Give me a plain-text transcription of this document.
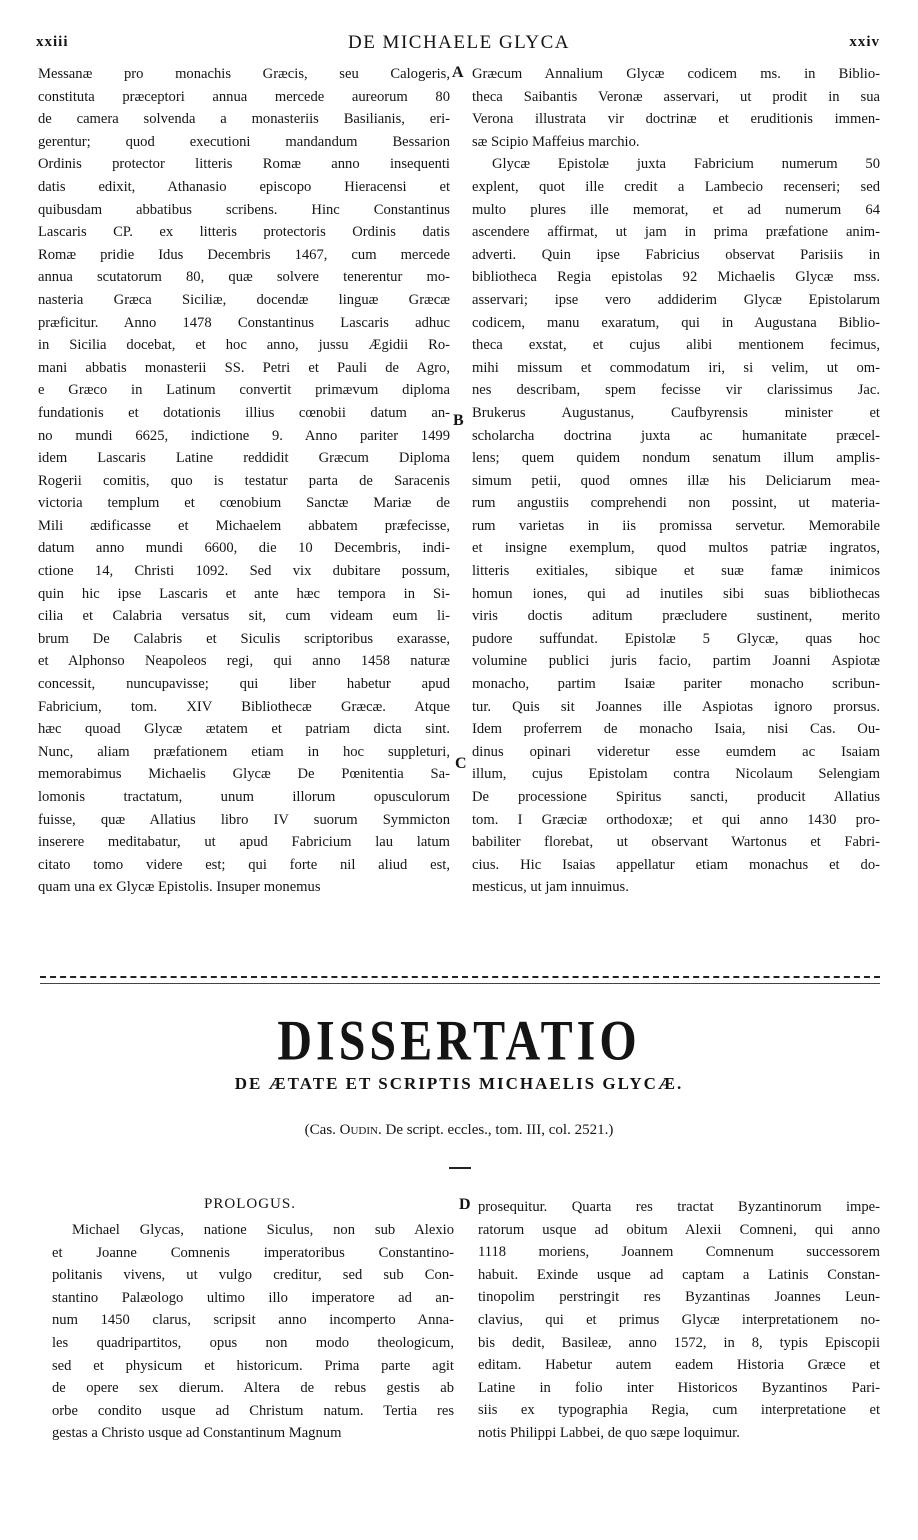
xxiii	DE MICHAELE GLYCA	xxiv
A
B
C
D
Messanæ pro monachis Græcis, seu Calogeris,
constituta præceptori annua mercede aureorum 80
de camera solvenda a monasteriis Basilianis, eri-
gerentur; quod executioni mandandum Bessarion
Ordinis protector litteris Romæ anno insequenti
datis edixit, Athanasio episcopo Hieracensi et
quibusdam abbatibus scribens. Hinc Constantinus
Lascaris CP. ex litteris protectoris Ordinis datis
Romæ pridie Idus Decembris 1467, cum mercede
annua scutatorum 80, quæ solvere tenerentur mo-
nasteria Græca Siciliæ, docendæ linguæ Græcæ
præficitur. Anno 1478 Constantinus Lascaris adhuc
in Sicilia docebat, et hoc anno, jussu Ægidii Ro-
mani abbatis monasterii SS. Petri et Pauli de Agro,
e Græco in Latinum convertit primævum diploma
fundationis et dotationis illius cœnobii datum an-
no mundi 6625, indictione 9. Anno pariter 1499
idem Lascaris Latine reddidit Græcum Diploma
Rogerii comitis, quo is testatur parta de Saracenis
victoria templum et cœnobium Sanctæ Mariæ de
Mili ædificasse et Michaelem abbatem præfecisse,
datum anno mundi 6600, die 10 Decembris, indi-
ctione 14, Christi 1092. Sed vix dubitare possum,
quin hic ipse Lascaris et ante hæc tempora in Si-
cilia et Calabria versatus sit, cum videam eum li-
brum De Calabris et Siculis scriptoribus exarasse,
et Alphonso Neapoleos regi, qui anno 1458 naturæ
concessit, nuncupavisse; qui liber habetur apud
Fabricium, tom. XIV Bibliothecæ Græcæ. Atque
hæc quoad Glycæ ætatem et patriam dicta sint.
Nunc, aliam præfationem etiam in hoc suppleturi,
memorabimus Michaelis Glycæ De Pœnitentia Sa-
lomonis tractatum, unum illorum opusculorum
fuisse, quæ Allatius libro IV suorum Symmicton
inserere meditabatur, ut apud Fabricium lau latum
citato tomo videre est; qui forte nil aliud est,
quam una ex Glycæ Epistolis. Insuper monemus
Græcum Annalium Glycæ codicem ms. in Biblio-
theca Saibantis Veronæ asservari, ut prodit in sua
Verona illustrata vir doctrinæ et eruditionis immen-
sæ Scipio Maffeius marchio.
Glycæ Epistolæ juxta Fabricium numerum 50
explent, quot ille credit a Lambecio recenseri; sed
multo plures ille memorat, et ad numerum 64
ascendere affirmat, ut jam in prima præfatione anim-
adverti. Quin ipse Fabricius observat Parisiis in
bibliotheca Regia epistolas 92 Michaelis Glycæ mss.
asservari; ipse vero addiderim Glycæ Epistolarum
codicem, manu exaratum, qui in Augustana Biblio-
theca exstat, et cujus alibi mentionem fecimus,
mihi missum et commodatum iri, si velim, ut om-
nes describam, spem fecisse vir clarissimus Jac.
Brukerus Augustanus, Caufbyrensis minister et
scholarcha doctrina juxta ac humanitate præcel-
lens; quem quidem nondum senatum illum amplis-
simum petii, quod omnes illæ his Deliciarum mea-
rum angustiis comprehendi non possint, ut materia-
rum varietas in iis promissa servetur. Memorabile
et insigne exemplum, quod multos patriæ ingratos,
litteris exitiales, sibique et suæ famæ inimicos
homun iones, qui ad inutiles sibi suas bibliothecas
viris doctis aditum præcludere sustinent, merito
pudore suffundat. Epistolæ 5 Glycæ, quas hoc
volumine publici juris facio, partim Joanni Aspiotæ
monacho, partim Isaiæ pariter monacho scribun-
tur. Quis sit Joannes ille Aspiotas ignoro prorsus.
Idem proferrem de monacho Isaia, nisi Cas. Ou-
dinus opinari videretur esse eumdem ac Isaiam
illum, cujus Epistolam contra Nicolaum Selengiam
De processione Spiritus sancti, producit Allatius
tom. I Græciæ orthodoxæ; et qui anno 1430 pro-
babiliter florebat, ut observant Wartonus et Fabri-
cius. Hic Isaias appellatur etiam monachus et do-
mesticus, ut jam innuimus.
DISSERTATIO
DE ÆTATE ET SCRIPTIS MICHAELIS GLYCÆ.
(Cas. Oudin. De script. eccles., tom. III, col. 2521.)
PROLOGUS.
Michael Glycas, natione Siculus, non sub Alexio
et Joanne Comnenis imperatoribus Constantino-
politanis vivens, ut vulgo creditur, sed sub Con-
stantino Palæologo ultimo illo imperatore ad an-
num 1450 clarus, scripsit anno incomperto Anna-
les quadripartitos, opus non modo theologicum,
sed et physicum et historicum. Prima parte agit
de opere sex dierum. Altera de rebus gestis ab
orbe condito usque ad Christum natum. Tertia res
gestas a Christo usque ad Constantinum Magnum
prosequitur. Quarta res tractat Byzantinorum impe-
ratorum usque ad obitum Alexii Comneni, qui anno
1118 moriens, Joannem Comnenum successorem
habuit. Exinde usque ad captam a Latinis Constan-
tinopolim perstringit res Byzantinas Joannes Leun-
clavius, qui et primus Glycæ interpretationem no-
bis dedit, Basileæ, anno 1572, in 8, typis Episcopii
editam. Habetur autem eadem Historia Græce et
Latine in folio inter Historicos Byzantinos Pari-
siis ex typographia Regia, cum interpretatione et
notis Philippi Labbei, de quo sæpe loquimur.
